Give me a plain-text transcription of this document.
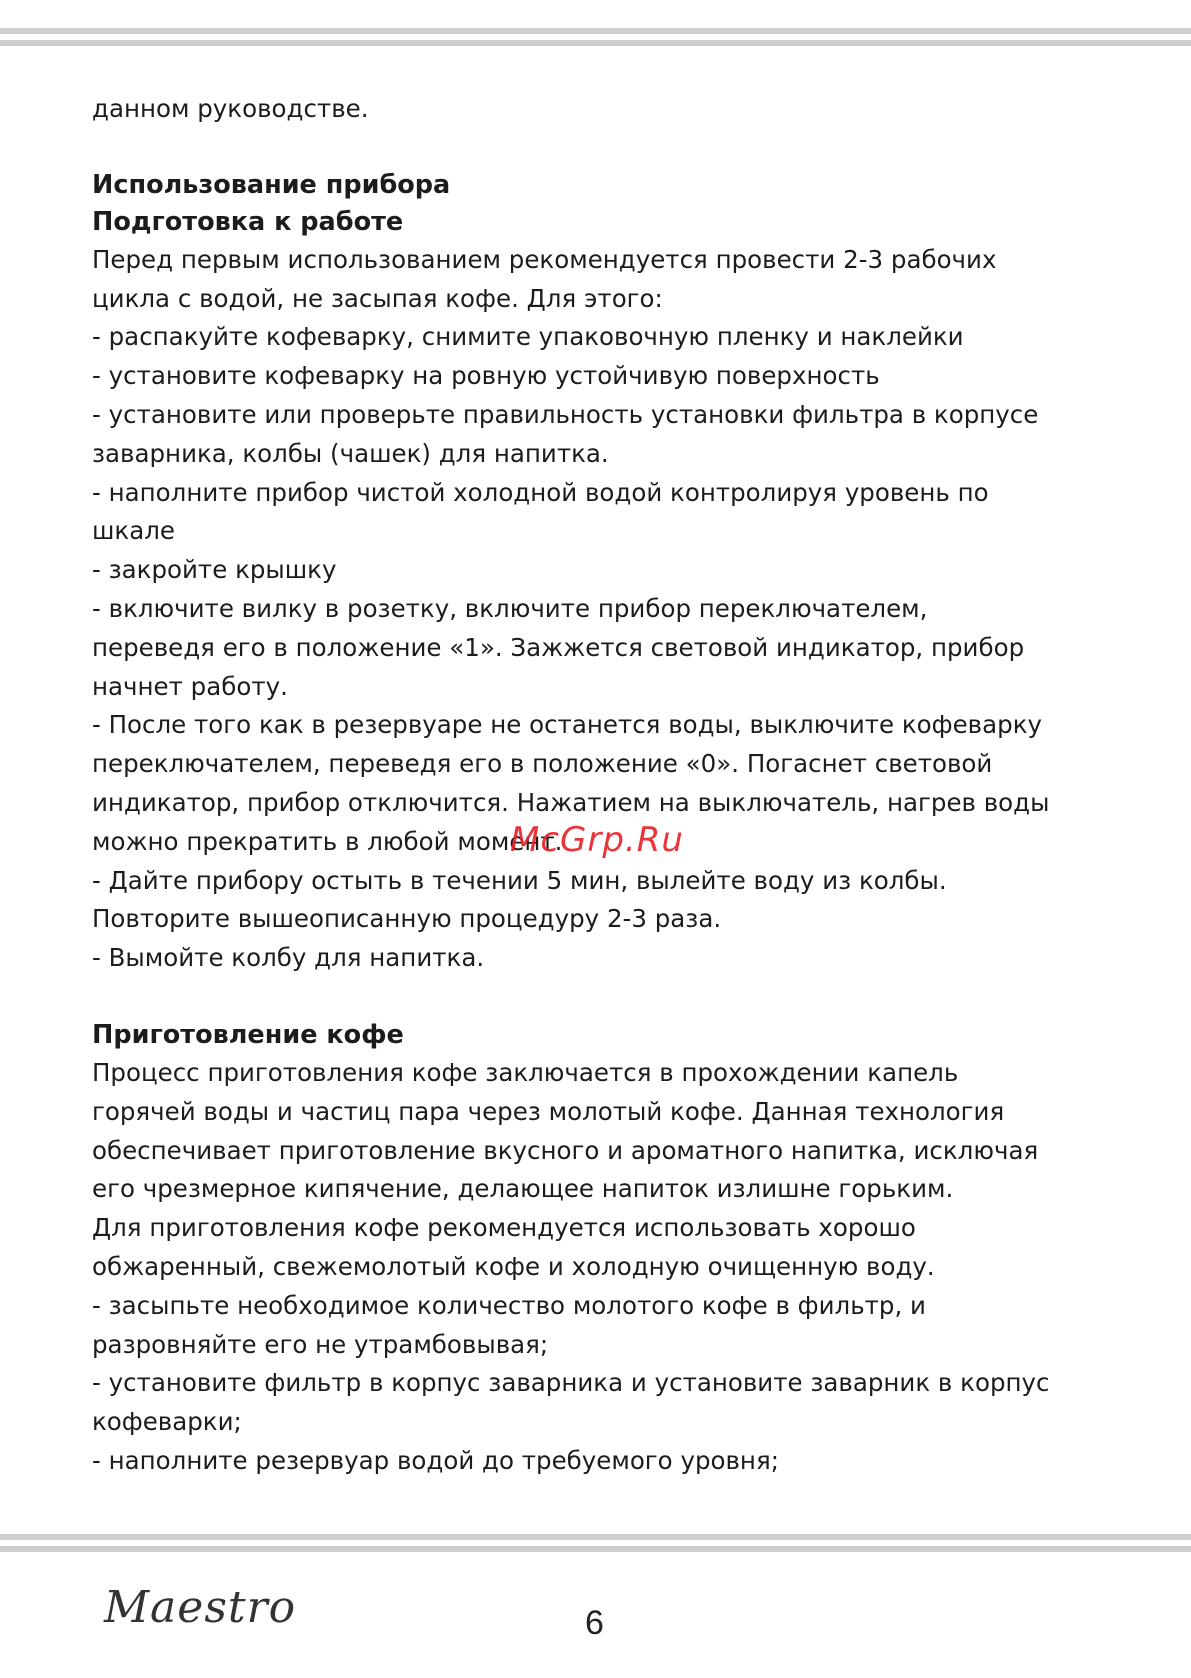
данном руководстве.
Использование прибора
Подготовка к работе
Перед первым использованием рекомендуется провести 2-3 рабочих
цикла с водой, не засыпая кофе. Для этого:
- распакуйте кофеварку, снимите упаковочную пленку и наклейки
- установите кофеварку на ровную устойчивую поверхность
- установите или проверьте правильность установки фильтра в корпусе
заварника, колбы (чашек) для напитка.
- наполните прибор чистой холодной водой контролируя уровень по
шкале
- закройте крышку
- включите вилку в розетку, включите прибор переключателем,
переведя его в положение «1». Зажжется световой индикатор, прибор
начнет работу.
- После того как в резервуаре не останется воды, выключите кофеварку
переключателем, переведя его в положение «0». Погаснет световой
индикатор, прибор отключится. Нажатием на выключатель, нагрев воды
можно прекратить в любой момент.
- Дайте прибору остыть в течении 5 мин, вылейте воду из колбы.
Повторите вышеописанную процедуру 2-3 раза.
- Вымойте колбу для напитка.
Приготовление кофе
Процесс приготовления кофе заключается в прохождении капель
горячей воды и частиц пара через молотый кофе. Данная технология
обеспечивает приготовление вкусного и ароматного напитка, исключая
его чрезмерное кипячение, делающее напиток излишне горьким.
Для приготовления кофе рекомендуется использовать хорошо
обжаренный, свежемолотый кофе и холодную очищенную воду.
- засыпьте необходимое количество молотого кофе в фильтр, и
разровняйте его не утрамбовывая;
- установите фильтр в корпус заварника и установите заварник в корпус
кофеварки;
- наполните резервуар водой до требуемого уровня;
McGrp.Ru
Maestro	6
